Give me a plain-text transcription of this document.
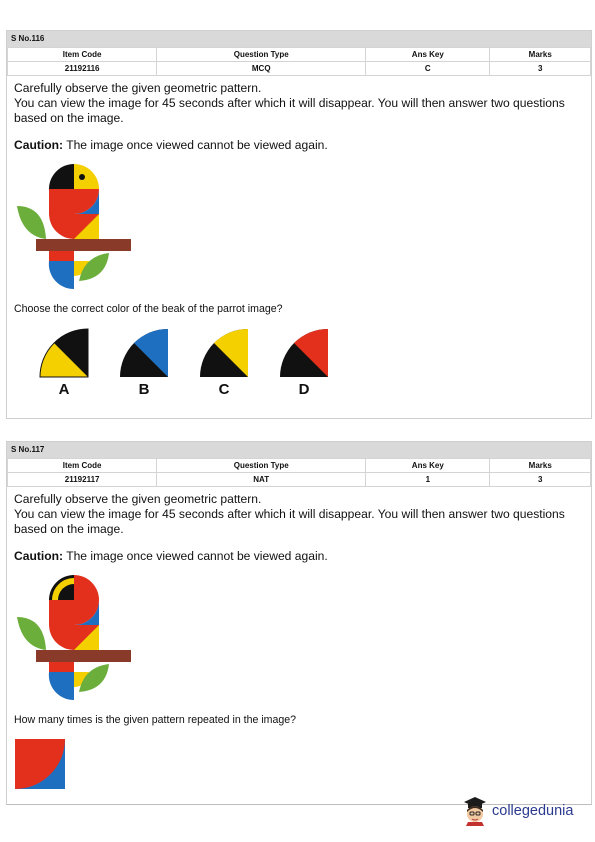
S No.116
Item Code	Question Type	Ans Key	Marks
21192116	MCQ	C	3

Carefully observe the given geometric pattern.

You can view the image for 45 seconds after which it will disappear. You will then answer two questions based on the image.

Caution: The image once viewed cannot be viewed again.

Choose the correct color of the beak of the parrot image?

A	B	C	D
S No.117
Item Code	Question Type	Ans Key	Marks
21192117	NAT	1	3

Carefully observe the given geometric pattern.

You can view the image for 45 seconds after which it will disappear. You will then answer two questions based on the image.

Caution: The image once viewed cannot be viewed again.

How many times is the given pattern repeated in the image?

collegedunia
